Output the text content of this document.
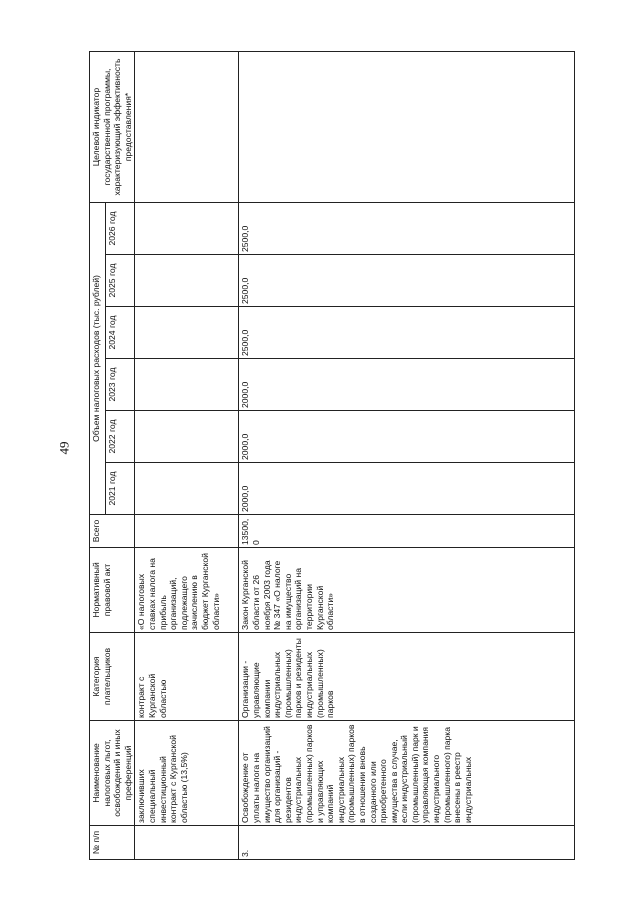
49
№ п/п	Наименование налоговых льгот, освобождений и иных преференций	Категория плательщиков	Нормативный правовой акт	Всего	Объем налоговых расходов (тыс. рублей)						Целевой индикатор государственной программы, характеризующий эффективность предоставления*
					2021 год	2022 год	2023 год	2024 год	2025 год	2026 год	
	заключивших специальный инвестиционный контракт с Курганской областью (13,5%)	контракт с Курганской областью	«О налоговых ставках налога на прибыль организаций, подлежащего зачислению в бюджет Курганской области»								
3.	Освобождение от уплаты налога на имущество организаций для организаций - резидентов индустриальных (промышленных) парков и управляющих компаний индустриальных (промышленных) парков в отношении вновь созданного или приобретенного имущества в случае, если индустриальный (промышленный) парк и управляющая компания индустриального (промышленного) парка внесены в реестр индустриальных	Организации - управляющие компании индустриальных (промышленных) парков и резиденты индустриальных (промышленных) парков	Закон Курганской области от 26 ноября 2003 года № 347 «О налоге на имущество организаций на территории Курганской области»	13500,0	2000,0	2000,0	2000,0	2500,0	2500,0	2500,0	
